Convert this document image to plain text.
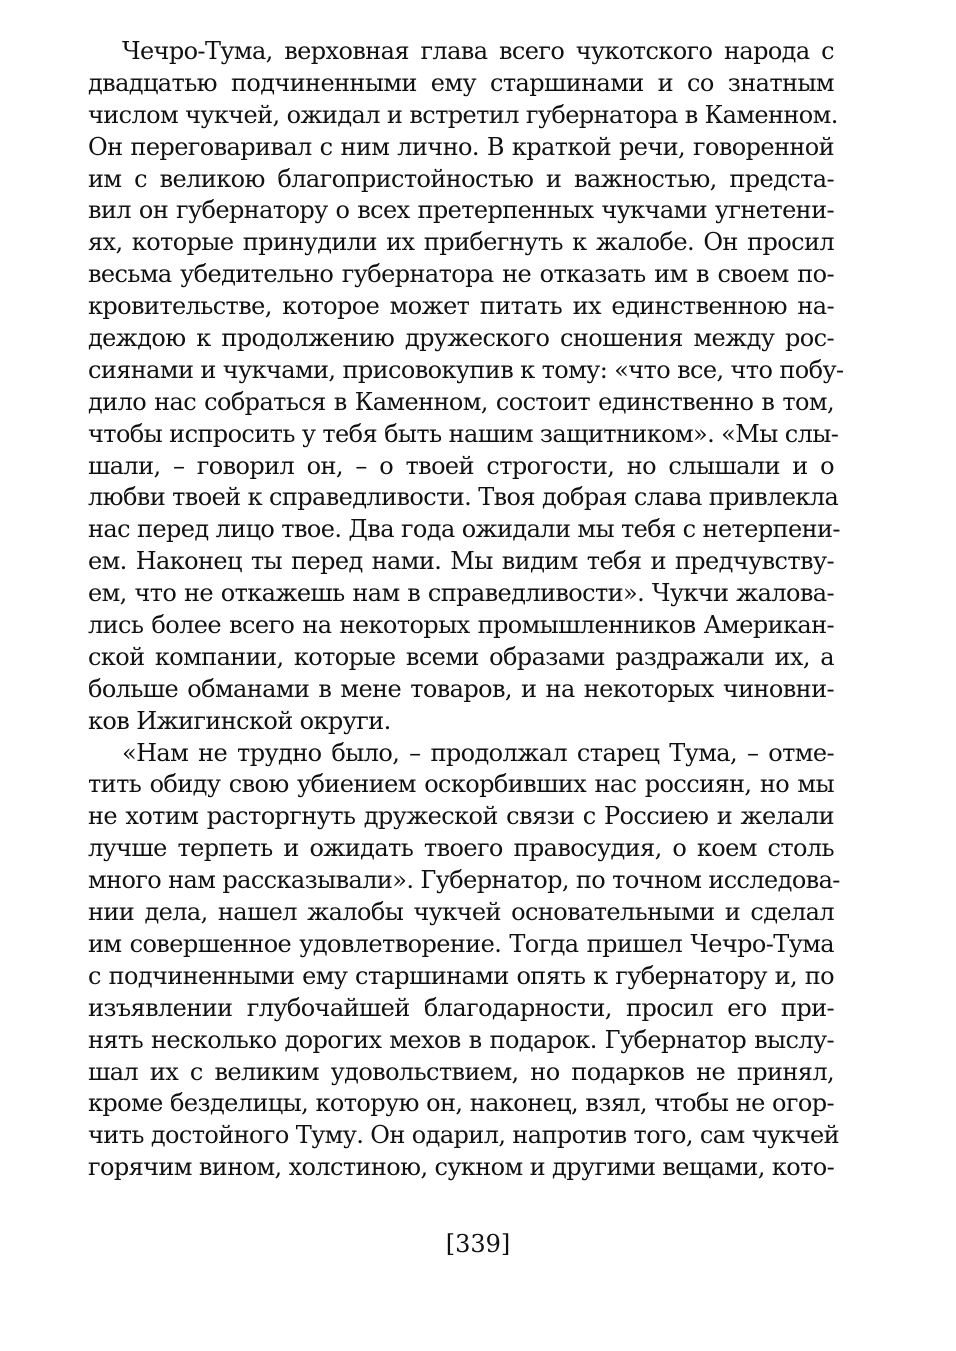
Чечро-Тума, верховная глава всего чукотского народа с
двадцатью подчиненными ему старшинами и со знатным
числом чукчей, ожидал и встретил губернатора в Каменном.
Он переговаривал с ним лично. В краткой речи, говоренной
им с великою благопристойностью и важностью, предста-
вил он губернатору о всех претерпенных чукчами угнетени-
ях, которые принудили их прибегнуть к жалобе. Он просил
весьма убедительно губернатора не отказать им в своем по-
кровительстве, которое может питать их единственною на-
деждою к продолжению дружеского сношения между рос-
сиянами и чукчами, присовокупив к тому: «что все, что побу-
дило нас собраться в Каменном, состоит единственно в том,
чтобы испросить у тебя быть нашим защитником». «Мы слы-
шали, – говорил он, – о твоей строгости, но слышали и о
любви твоей к справедливости. Твоя добрая слава привлекла
нас перед лицо твое. Два года ожидали мы тебя с нетерпени-
ем. Наконец ты перед нами. Мы видим тебя и предчувству-
ем, что не откажешь нам в справедливости». Чукчи жалова-
лись более всего на некоторых промышленников Американ-
ской компании, которые всеми образами раздражали их, а
больше обманами в мене товаров, и на некоторых чиновни-
ков Ижигинской округи.
«Нам не трудно было, – продолжал старец Тума, – отме-
тить обиду свою убиением оскорбивших нас россиян, но мы
не хотим расторгнуть дружеской связи с Россиею и желали
лучше терпеть и ожидать твоего правосудия, о коем столь
много нам рассказывали». Губернатор, по точном исследова-
нии дела, нашел жалобы чукчей основательными и сделал
им совершенное удовлетворение. Тогда пришел Чечро-Тума
с подчиненными ему старшинами опять к губернатору и, по
изъявлении глубочайшей благодарности, просил его при-
нять несколько дорогих мехов в подарок. Губернатор выслу-
шал их с великим удовольствием, но подарков не принял,
кроме безделицы, которую он, наконец, взял, чтобы не огор-
чить достойного Туму. Он одарил, напротив того, сам чукчей
горячим вином, холстиною, сукном и другими вещами, кото-
[339]
